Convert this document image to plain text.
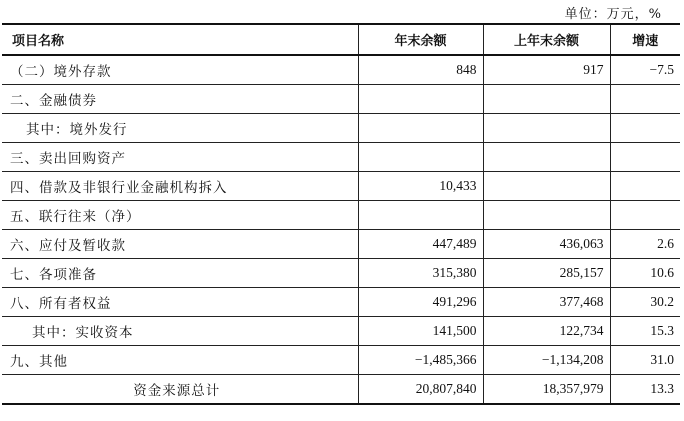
单位：万元，%
项目名称	年末余额	上年末余额	增速
（二）境外存款	848	917	−7.5
二、金融债券			
其中：境外发行			
三、卖出回购资产			
四、借款及非银行业金融机构拆入	10,433		
五、联行往来（净）			
六、应付及暂收款	447,489	436,063	2.6
七、各项准备	315,380	285,157	10.6
八、所有者权益	491,296	377,468	30.2
其中：实收资本	141,500	122,734	15.3
九、其他	−1,485,366	−1,134,208	31.0
资金来源总计	20,807,840	18,357,979	13.3
